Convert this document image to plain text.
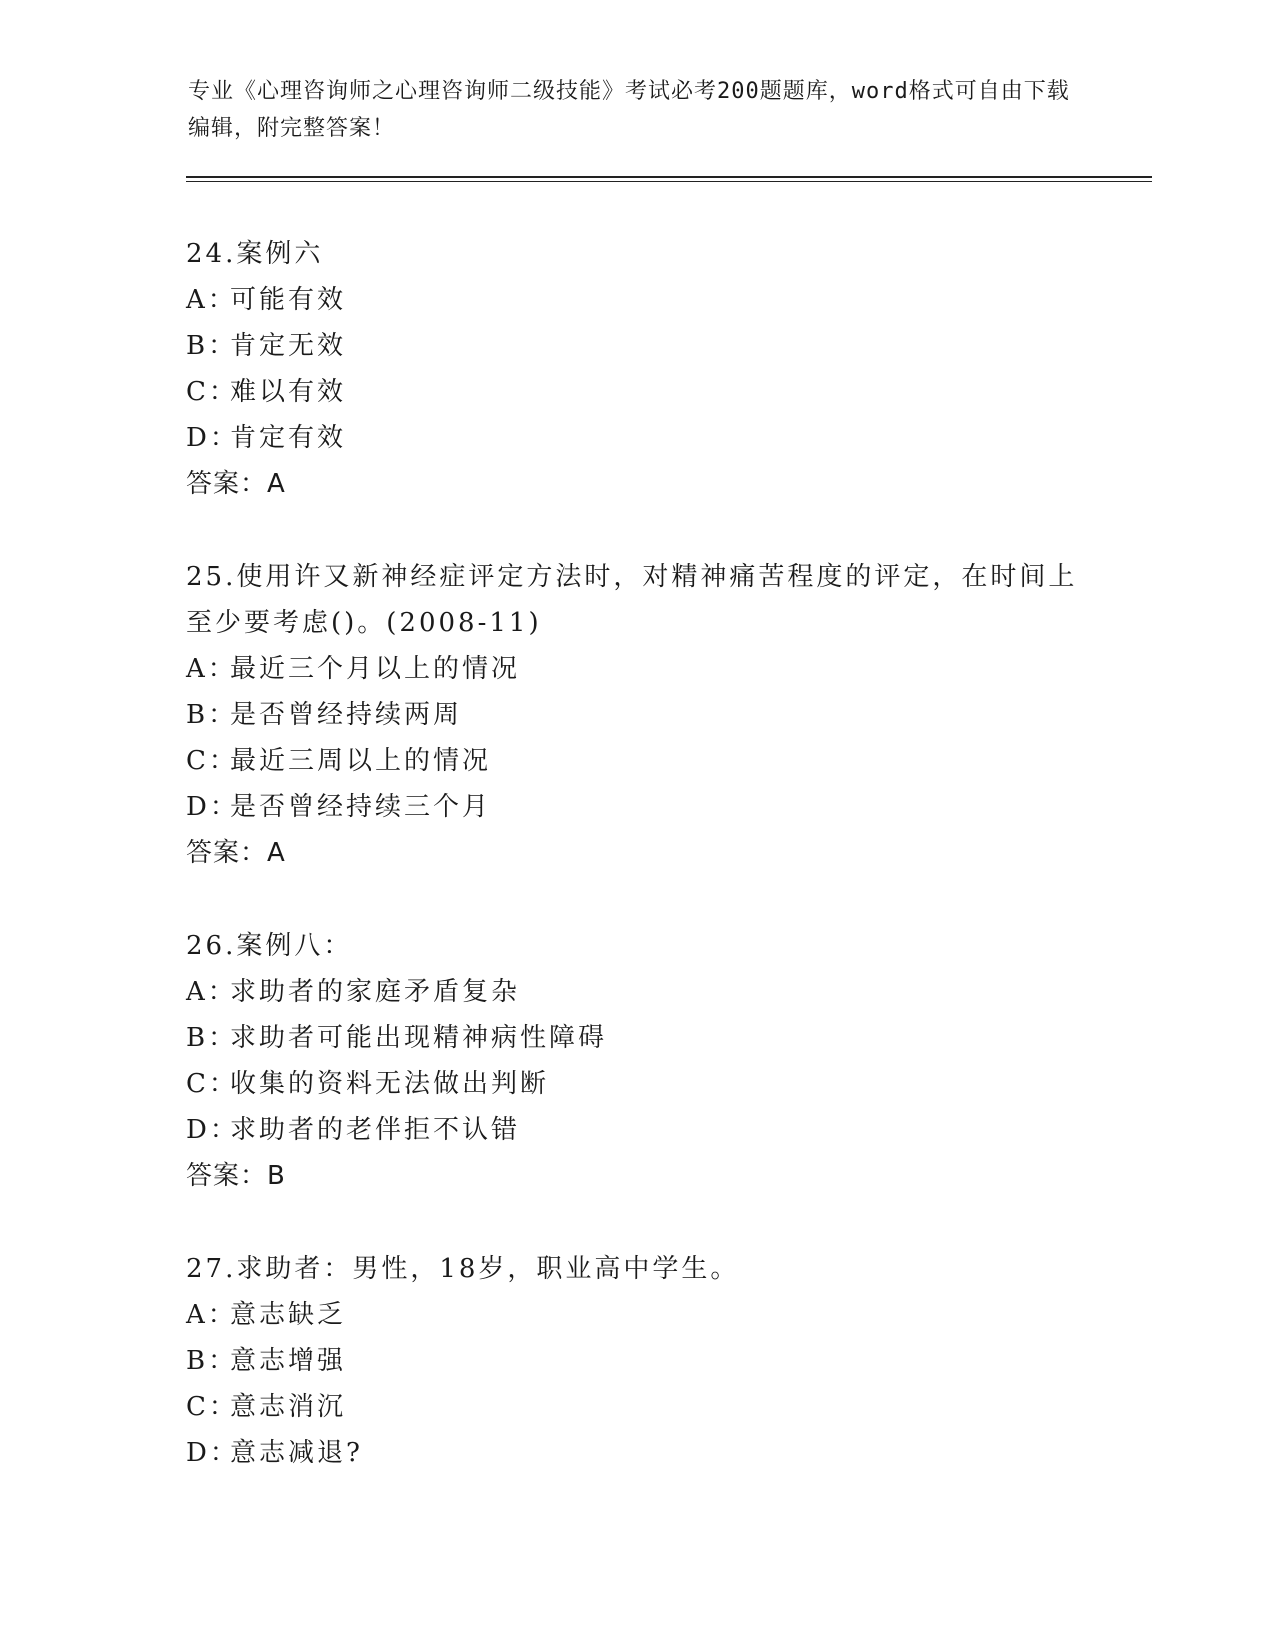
专业《心理咨询师之心理咨询师二级技能》考试必考200题题库，word格式可自由下载编辑，附完整答案！
24.案例六
A：可能有效
B：肯定无效
C：难以有效
D：肯定有效
答案：A
25.使用许又新神经症评定方法时，对精神痛苦程度的评定，在时间上至少要考虑()。(2008-11)
A：最近三个月以上的情况
B：是否曾经持续两周
C：最近三周以上的情况
D：是否曾经持续三个月
答案：A
26.案例八：
A：求助者的家庭矛盾复杂
B：求助者可能出现精神病性障碍
C：收集的资料无法做出判断
D：求助者的老伴拒不认错
答案：B
27.求助者：男性，18岁，职业高中学生。
A：意志缺乏
B：意志增强
C：意志消沉
D：意志减退?
